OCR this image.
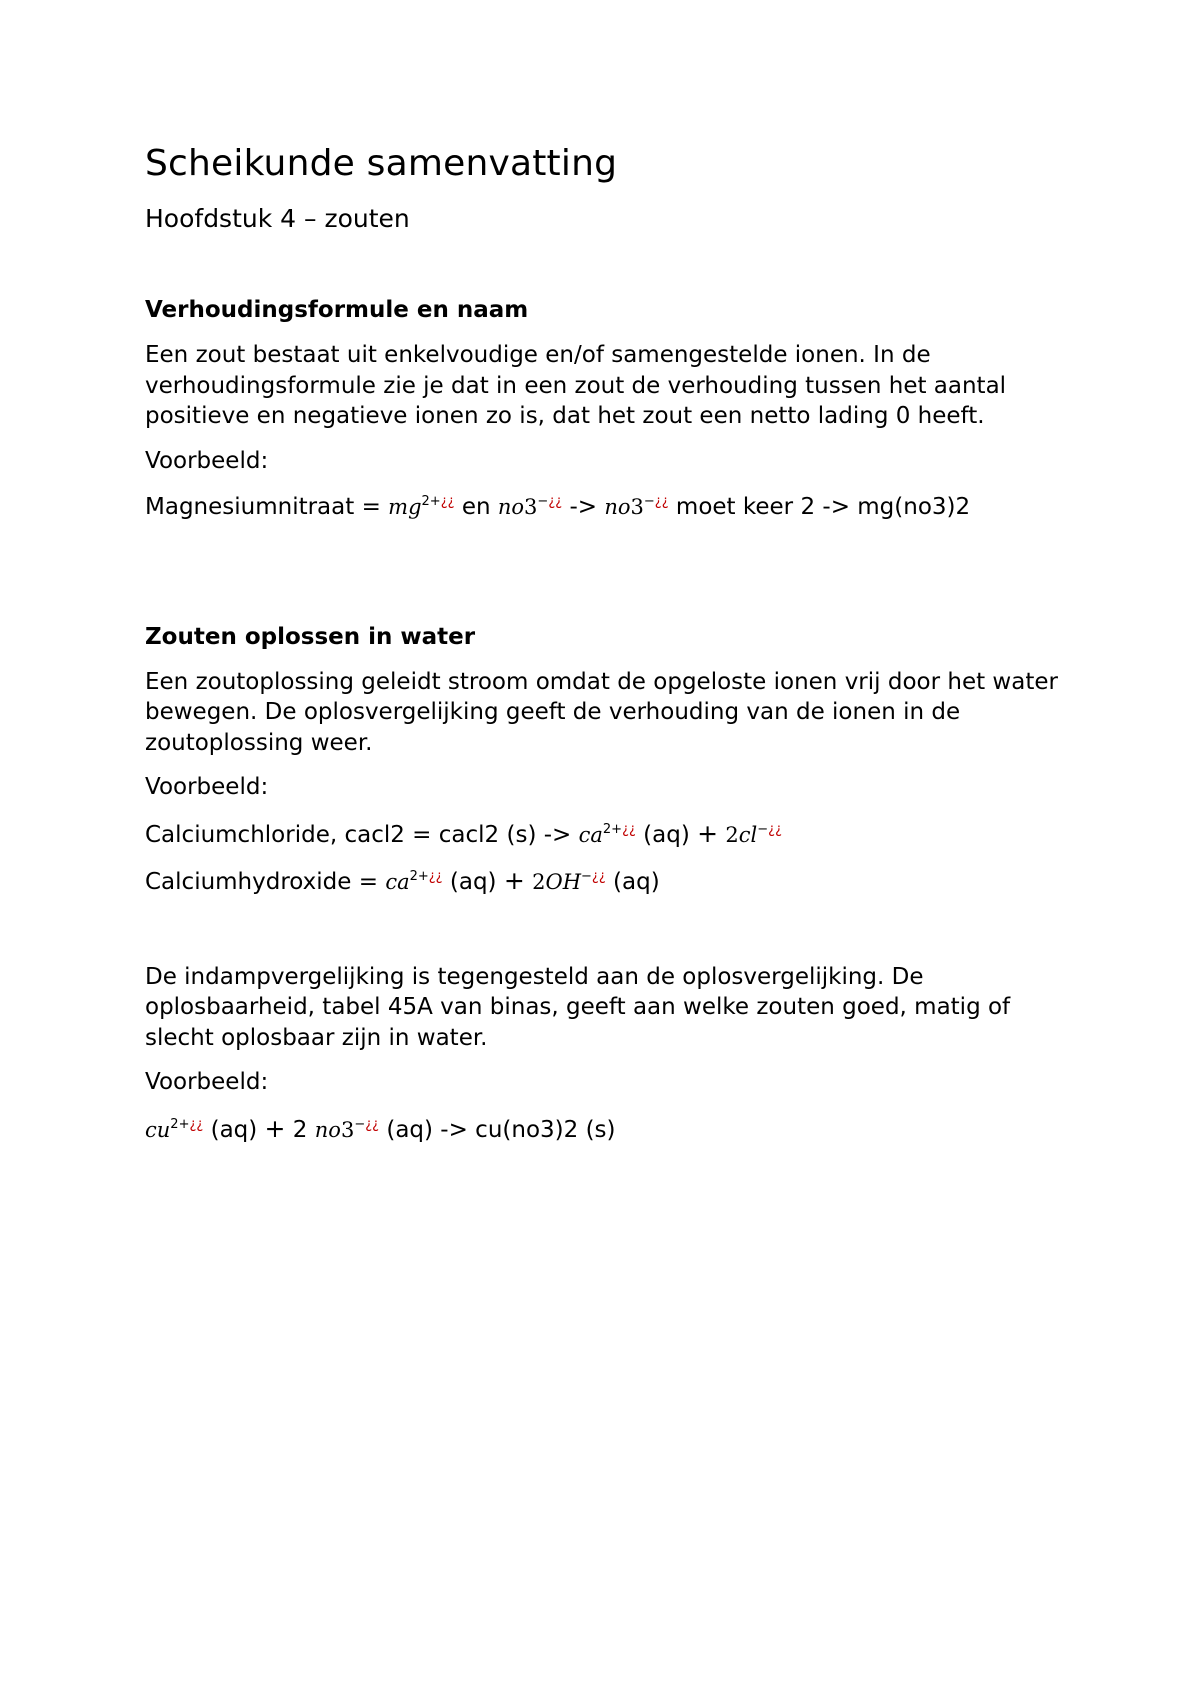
Scheikunde samenvatting
Hoofdstuk 4 – zouten
Verhoudingsformule en naam

Een zout bestaat uit enkelvoudige en/of samengestelde ionen. In de verhoudingsformule zie je dat in een zout de verhouding tussen het aantal positieve en negatieve ionen zo is, dat het zout een netto lading 0 heeft.

Voorbeeld:

Magnesiumnitraat = $mg^{2+¿¿}$ en no3−¿¿ -> no3−¿¿ moet keer 2 -> mg(no3)2

Zouten oplossen in water

Een zoutoplossing geleidt stroom omdat de opgeloste ionen vrij door het water bewegen. De oplosvergelijking geeft de verhouding van de ionen in de zoutoplossing weer.

Voorbeeld:

Calciumchloride, cacl2 = cacl2 $(s) -> ca^{2+¿¿}$ (aq) + 2cl−¿¿

Calciumhydroxide = $ca^{2+¿¿}$ (aq) + 2OH−¿¿ (aq)

De indampvergelijking is tegengesteld aan de oplosvergelijking. De oplosbaarheid, tabel 45A van binas, geeft aan welke zouten goed, matig of slecht oplosbaar zijn in water.

Voorbeeld:

$cu^{2+¿¿}$ (aq) + 2 no3−¿¿ (aq) -> cu(no3)2 (s)
